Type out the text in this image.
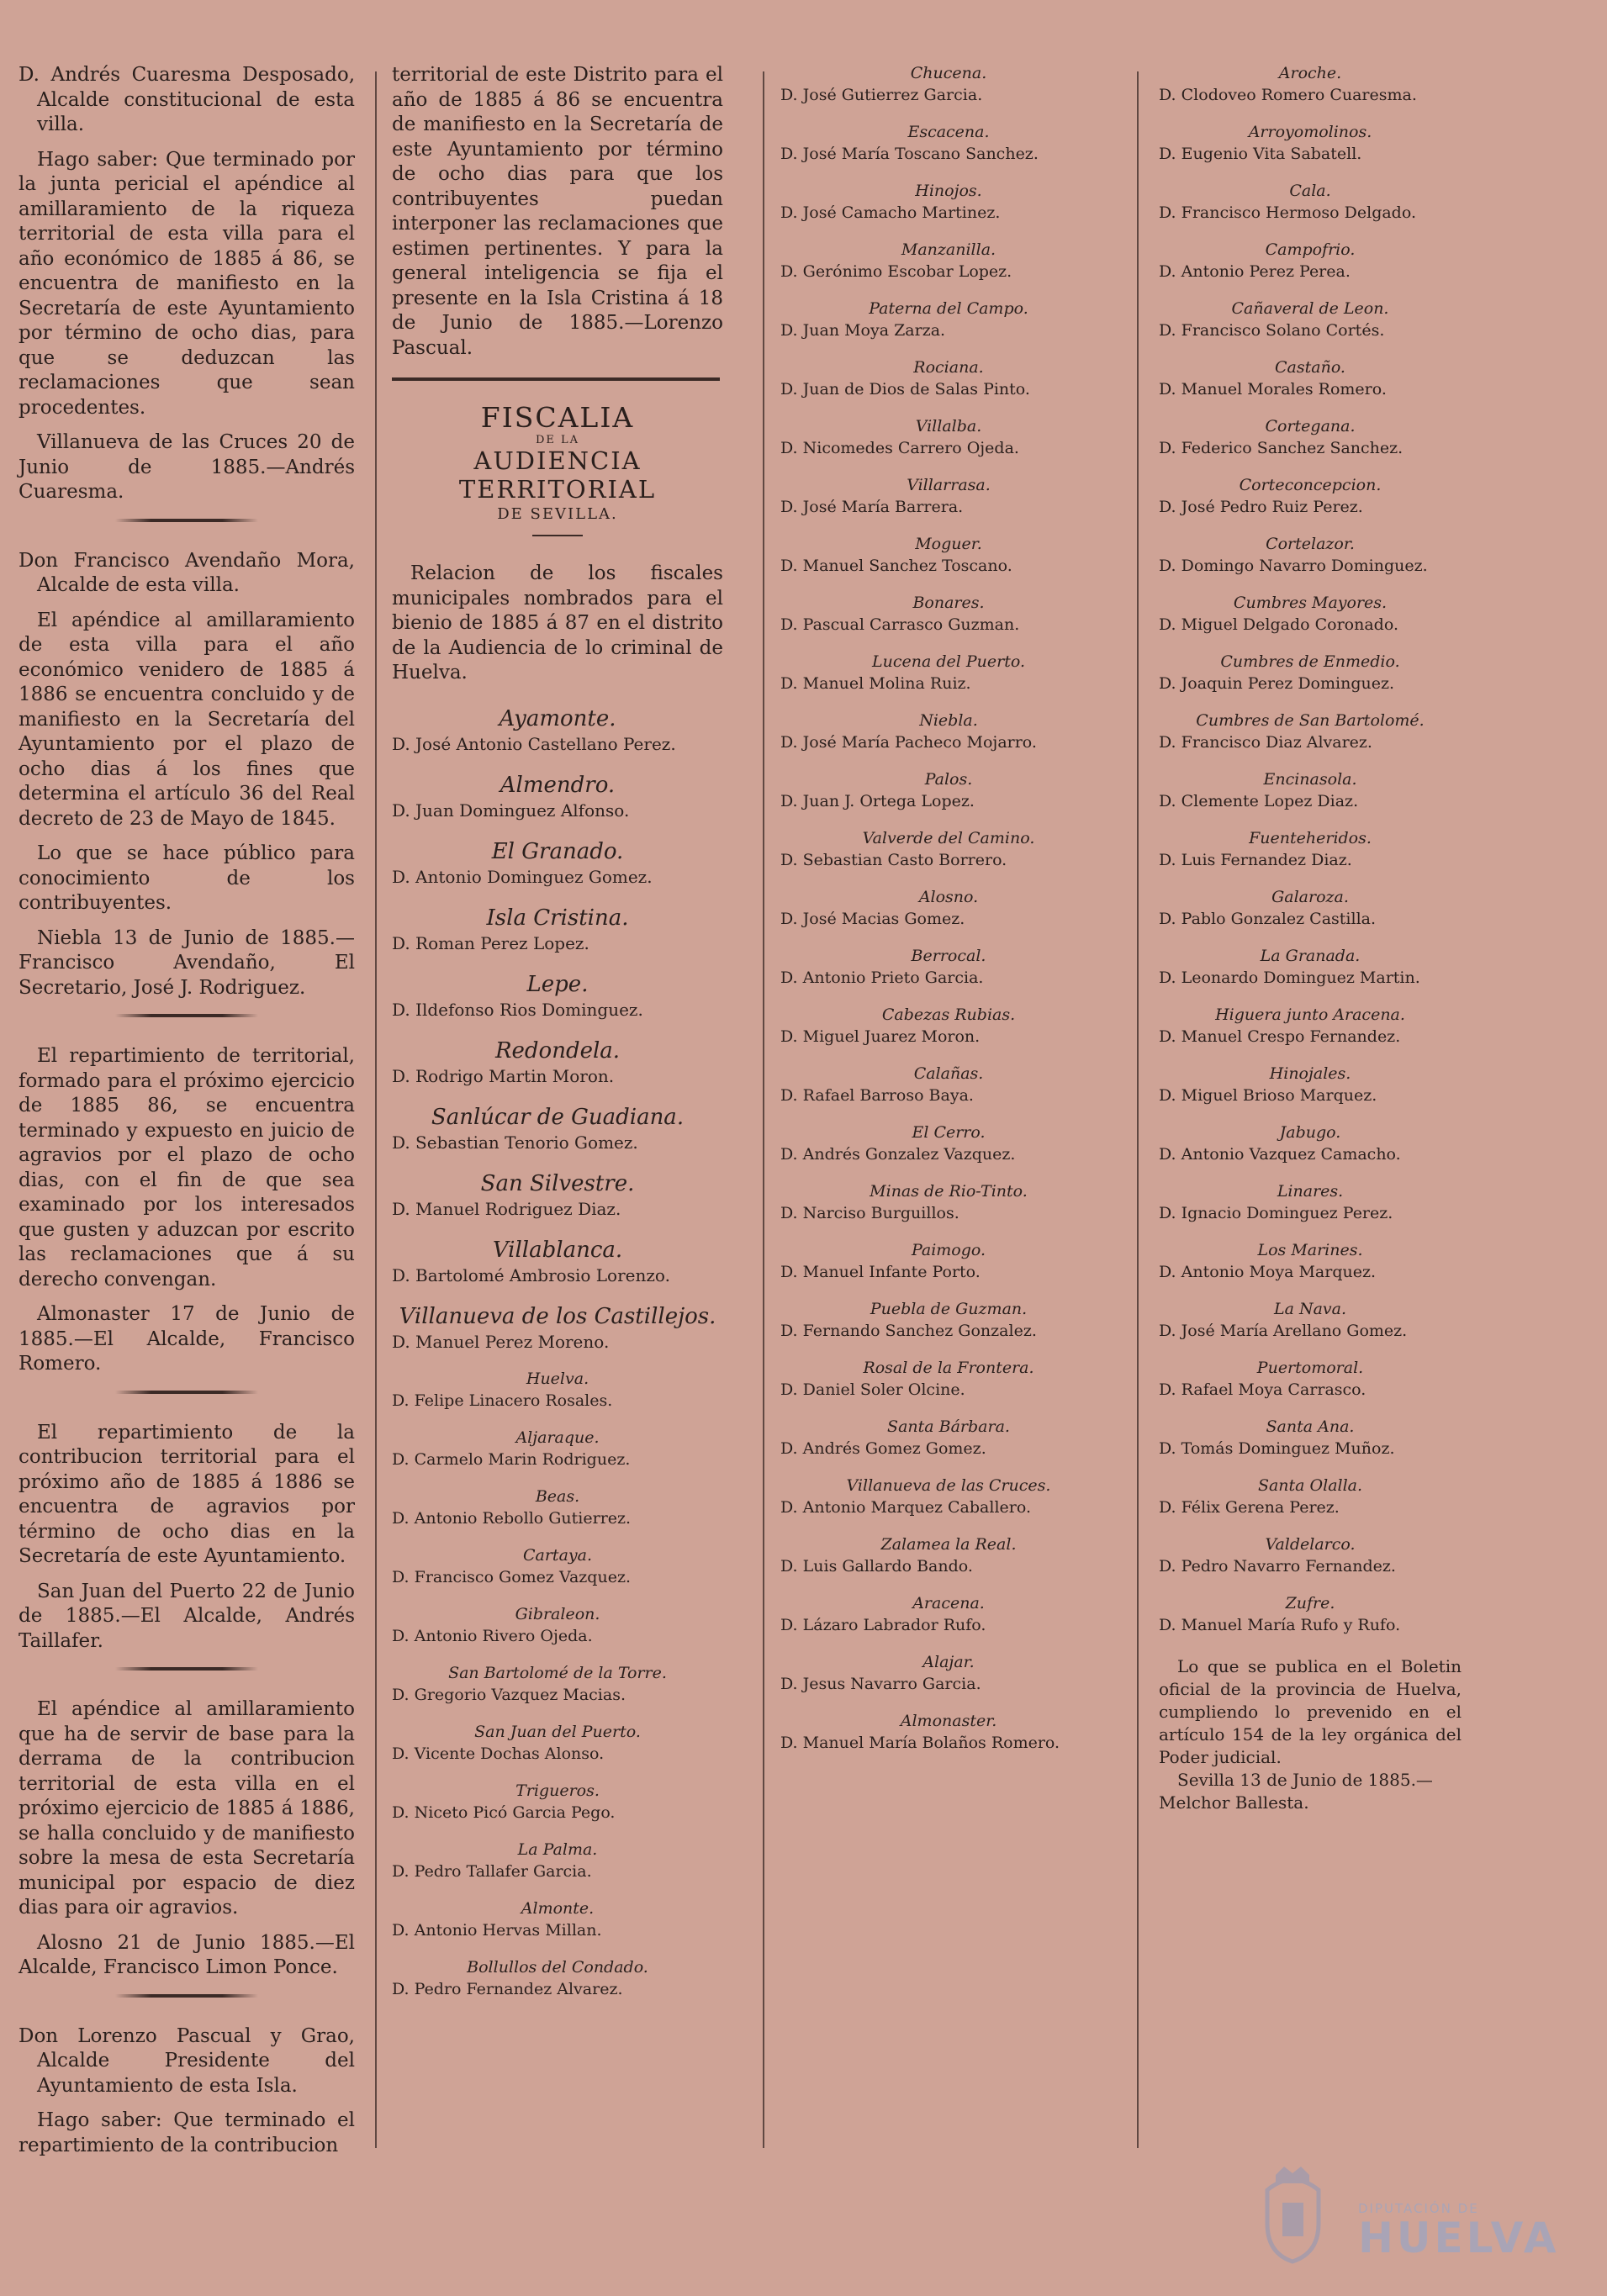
D. Andrés Cuaresma Desposado, Alcalde constitucional de esta villa.

Hago saber: Que terminado por la junta pericial el apéndice al amillaramiento de la riqueza territorial de esta villa para el año económico de 1885 á 86, se encuentra de manifiesto en la Secretaría de este Ayuntamiento por término de ocho dias, para que se deduzcan las reclamaciones que sean procedentes.

Villanueva de las Cruces 20 de Junio de 1885.—Andrés Cuaresma.

Don Francisco Avendaño Mora, Alcalde de esta villa.

El apéndice al amillaramiento de esta villa para el año económico venidero de 1885 á 1886 se encuentra concluido y de manifiesto en la Secretaría del Ayuntamiento por el plazo de ocho dias á los fines que determina el artículo 36 del Real decreto de 23 de Mayo de 1845.

Lo que se hace público para conocimiento de los contribuyentes.

Niebla 13 de Junio de 1885.—Francisco Avendaño, El Secretario, José J. Rodriguez.

El repartimiento de territorial, formado para el próximo ejercicio de 1885 86, se encuentra terminado y expuesto en juicio de agravios por el plazo de ocho dias, con el fin de que sea examinado por los interesados que gusten y aduzcan por escrito las reclamaciones que á su derecho convengan.

Almonaster 17 de Junio de 1885.—El Alcalde, Francisco Romero.

El repartimiento de la contribucion territorial para el próximo año de 1885 á 1886 se encuentra de agravios por término de ocho dias en la Secretaría de este Ayuntamiento.

San Juan del Puerto 22 de Junio de 1885.—El Alcalde, Andrés Taillafer.

El apéndice al amillaramiento que ha de servir de base para la derrama de la contribucion territorial de esta villa en el próximo ejercicio de 1885 á 1886, se halla concluido y de manifiesto sobre la mesa de esta Secretaría municipal por espacio de diez dias para oir agravios.

Alosno 21 de Junio 1885.—El Alcalde, Francisco Limon Ponce.

Don Lorenzo Pascual y Grao, Alcalde Presidente del Ayuntamiento de esta Isla.

Hago saber: Que terminado el repartimiento de la contribucion

territorial de este Distrito para el año de 1885 á 86 se encuentra de manifiesto en la Secretaría de este Ayuntamiento por término de ocho dias para que los contribuyentes puedan interponer las reclamaciones que estimen pertinentes. Y para la general inteligencia se fija el presente en la Isla Cristina á 18 de Junio de 1885.—Lorenzo Pascual.

FISCALIA

DE LA

AUDIENCIA TERRITORIAL

DE SEVILLA.

Relacion de los fiscales municipales nombrados para el bienio de 1885 á 87 en el distrito de la Audiencia de lo criminal de Huelva.

Ayamonte.

D. José Antonio Castellano Perez.

Almendro.

D. Juan Dominguez Alfonso.

El Granado.

D. Antonio Dominguez Gomez.

Isla Cristina.

D. Roman Perez Lopez.

Lepe.

D. Ildefonso Rios Dominguez.

Redondela.

D. Rodrigo Martin Moron.

Sanlúcar de Guadiana.

D. Sebastian Tenorio Gomez.

San Silvestre.

D. Manuel Rodriguez Diaz.

Villablanca.

D. Bartolomé Ambrosio Lorenzo.

Villanueva de los Castillejos.

D. Manuel Perez Moreno.

Huelva.

D. Felipe Linacero Rosales.

Aljaraque.

D. Carmelo Marin Rodriguez.

Beas.

D. Antonio Rebollo Gutierrez.

Cartaya.

D. Francisco Gomez Vazquez.

Gibraleon.

D. Antonio Rivero Ojeda.

San Bartolomé de la Torre.

D. Gregorio Vazquez Macias.

San Juan del Puerto.

D. Vicente Dochas Alonso.

Trigueros.

D. Niceto Picó Garcia Pego.

La Palma.

D. Pedro Tallafer Garcia.

Almonte.

D. Antonio Hervas Millan.

Bollullos del Condado.

D. Pedro Fernandez Alvarez.

Chucena.

D. José Gutierrez Garcia.

Escacena.

D. José María Toscano Sanchez.

Hinojos.

D. José Camacho Martinez.

Manzanilla.

D. Gerónimo Escobar Lopez.

Paterna del Campo.

D. Juan Moya Zarza.

Rociana.

D. Juan de Dios de Salas Pinto.

Villalba.

D. Nicomedes Carrero Ojeda.

Villarrasa.

D. José María Barrera.

Moguer.

D. Manuel Sanchez Toscano.

Bonares.

D. Pascual Carrasco Guzman.

Lucena del Puerto.

D. Manuel Molina Ruiz.

Niebla.

D. José María Pacheco Mojarro.

Palos.

D. Juan J. Ortega Lopez.

Valverde del Camino.

D. Sebastian Casto Borrero.

Alosno.

D. José Macias Gomez.

Berrocal.

D. Antonio Prieto Garcia.

Cabezas Rubias.

D. Miguel Juarez Moron.

Calañas.

D. Rafael Barroso Baya.

El Cerro.

D. Andrés Gonzalez Vazquez.

Minas de Rio-Tinto.

D. Narciso Burguillos.

Paimogo.

D. Manuel Infante Porto.

Puebla de Guzman.

D. Fernando Sanchez Gonzalez.

Rosal de la Frontera.

D. Daniel Soler Olcine.

Santa Bárbara.

D. Andrés Gomez Gomez.

Villanueva de las Cruces.

D. Antonio Marquez Caballero.

Zalamea la Real.

D. Luis Gallardo Bando.

Aracena.

D. Lázaro Labrador Rufo.

Alajar.

D. Jesus Navarro Garcia.

Almonaster.

D. Manuel María Bolaños Romero.

Aroche.

D. Clodoveo Romero Cuaresma.

Arroyomolinos.

D. Eugenio Vita Sabatell.

Cala.

D. Francisco Hermoso Delgado.

Campofrio.

D. Antonio Perez Perea.

Cañaveral de Leon.

D. Francisco Solano Cortés.

Castaño.

D. Manuel Morales Romero.

Cortegana.

D. Federico Sanchez Sanchez.

Corteconcepcion.

D. José Pedro Ruiz Perez.

Cortelazor.

D. Domingo Navarro Dominguez.

Cumbres Mayores.

D. Miguel Delgado Coronado.

Cumbres de Enmedio.

D. Joaquin Perez Dominguez.

Cumbres de San Bartolomé.

D. Francisco Diaz Alvarez.

Encinasola.

D. Clemente Lopez Diaz.

Fuenteheridos.

D. Luis Fernandez Diaz.

Galaroza.

D. Pablo Gonzalez Castilla.

La Granada.

D. Leonardo Dominguez Martin.

Higuera junto Aracena.

D. Manuel Crespo Fernandez.

Hinojales.

D. Miguel Brioso Marquez.

Jabugo.

D. Antonio Vazquez Camacho.

Linares.

D. Ignacio Dominguez Perez.

Los Marines.

D. Antonio Moya Marquez.

La Nava.

D. José María Arellano Gomez.

Puertomoral.

D. Rafael Moya Carrasco.

Santa Ana.

D. Tomás Dominguez Muñoz.

Santa Olalla.

D. Félix Gerena Perez.

Valdelarco.

D. Pedro Navarro Fernandez.

Zufre.

D. Manuel María Rufo y Rufo.

Lo que se publica en el Boletin oficial de la provincia de Huelva, cumpliendo lo prevenido en el artículo 154 de la ley orgánica del Poder judicial.

Sevilla 13 de Junio de 1885.—Melchor Ballesta.

DIPUTACIÓN DE
HUELVA
